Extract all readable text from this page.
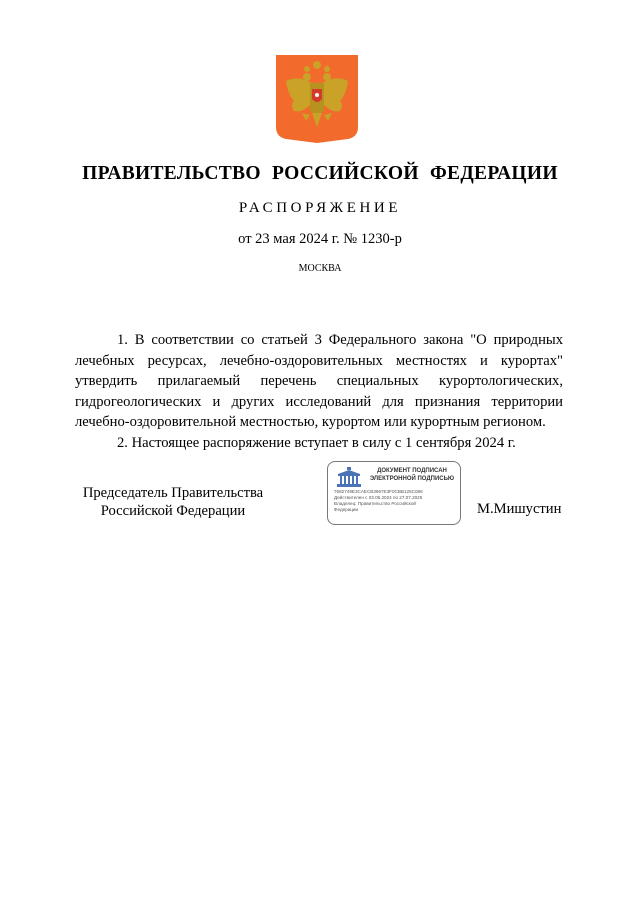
ПРАВИТЕЛЬСТВО РОССИЙСКОЙ ФЕДЕРАЦИИ
РАСПОРЯЖЕНИЕ
от 23 мая 2024 г. № 1230-р
МОСКВА

1. В соответствии со статьей 3 Федерального закона "О природных лечебных ресурсах, лечебно-оздоровительных местностях и курортах" утвердить прилагаемый перечень специальных курортологических, гидрогеологических и других исследований для признания территории лечебно-оздоровительной местностью, курортом или курортным регионом.

2. Настоящее распоряжение вступает в силу с 1 сентября 2024 г.

Председатель Правительства
Российской Федерации
ДОКУМЕНТ ПОДПИСАН
ЭЛЕКТРОННОЙ ПОДПИСЬЮ
7682749E3CAECB3967E3F0CBB125C086
Действителен с 03.05.2024 по 27.07.2025
Владелец: Правительство Российской
Федерации	М.Мишустин
